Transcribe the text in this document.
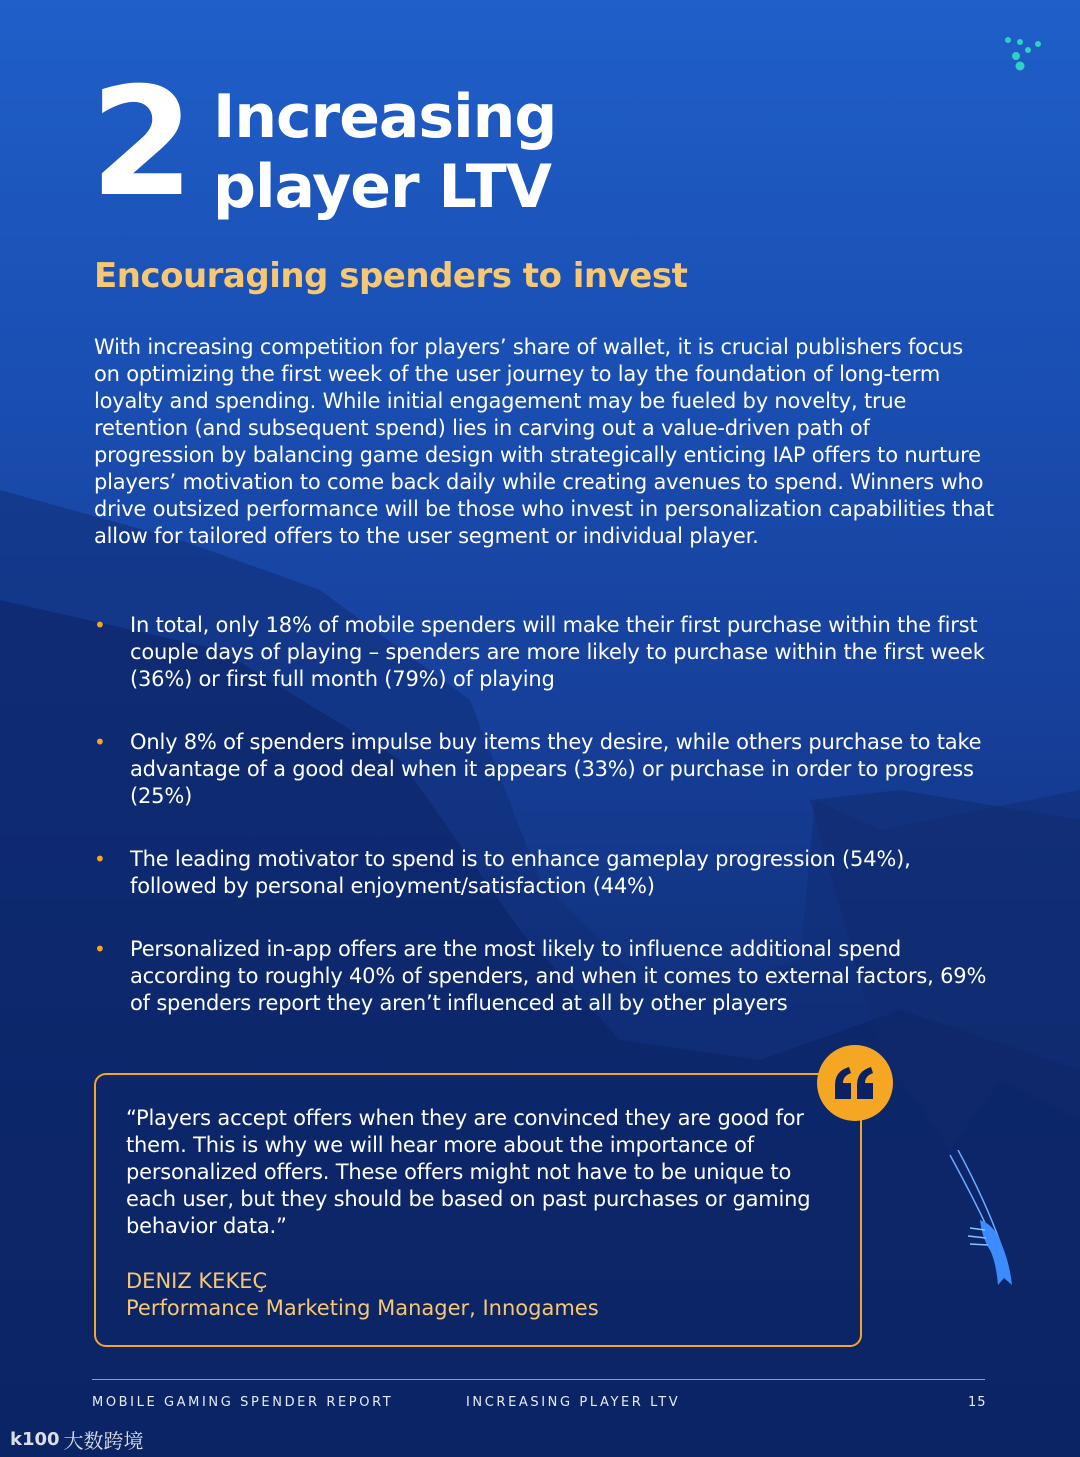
2 Increasing
player LTV
Encouraging spenders to invest
With increasing competition for players’ share of wallet, it is crucial publishers focus on optimizing the first week of the user journey to lay the foundation of long-term loyalty and spending. While initial engagement may be fueled by novelty, true retention (and subsequent spend) lies in carving out a value-driven path of progression by balancing game design with strategically enticing IAP offers to nurture players’ motivation to come back daily while creating avenues to spend. Winners who drive outsized performance will be those who invest in personalization capabilities that allow for tailored offers to the user segment or individual player.
• In total, only 18% of mobile spenders will make their first purchase within the first couple days of playing – spenders are more likely to purchase within the first week (36%) or first full month (79%) of playing
• Only 8% of spenders impulse buy items they desire, while others purchase to take advantage of a good deal when it appears (33%) or purchase in order to progress (25%)
• The leading motivator to spend is to enhance gameplay progression (54%), followed by personal enjoyment/satisfaction (44%)
• Personalized in-app offers are the most likely to influence additional spend according to roughly 40% of spenders, and when it comes to external factors, 69% of spenders report they aren’t influenced at all by other players
“Players accept offers when they are convinced they are good for them. This is why we will hear more about the importance of personalized offers. These offers might not have to be unique to each user, but they should be based on past purchases or gaming behavior data.”
DENIZ KEKEÇ
Performance Marketing Manager, Innogames
MOBILE GAMING SPENDER REPORT	INCREASING PLAYER LTV	15
k100 大数跨境
